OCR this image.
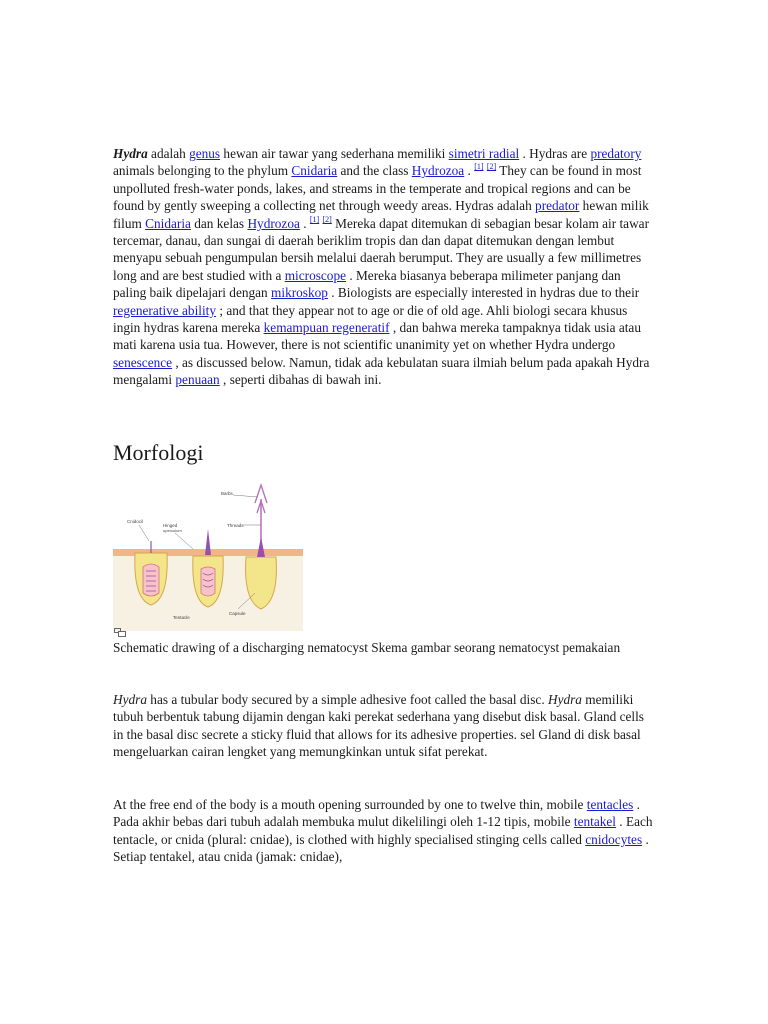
Hydra adalah genus hewan air tawar yang sederhana memiliki simetri radial . Hydras are predatory animals belonging to the phylum Cnidaria and the class Hydrozoa . [1] [2] They can be found in most unpolluted fresh-water ponds, lakes, and streams in the temperate and tropical regions and can be found by gently sweeping a collecting net through weedy areas. Hydras adalah predator hewan milik filum Cnidaria dan kelas Hydrozoa . [1] [2] Mereka dapat ditemukan di sebagian besar kolam air tawar tercemar, danau, dan sungai di daerah beriklim tropis dan dan dapat ditemukan dengan lembut menyapu sebuah pengumpulan bersih melalui daerah berumput. They are usually a few millimetres long and are best studied with a microscope . Mereka biasanya beberapa milimeter panjang dan paling baik dipelajari dengan mikroskop . Biologists are especially interested in hydras due to their regenerative ability ; and that they appear not to age or die of old age. Ahli biologi secara khusus ingin hydras karena mereka kemampuan regeneratif , dan bahwa mereka tampaknya tidak usia atau mati karena usia tua. However, there is not scientific unanimity yet on whether Hydra undergo senescence , as discussed below. Namun, tidak ada kebulatan suara ilmiah belum pada apakah Hydra mengalami penuaan , seperti dibahas di bawah ini.

Morfologi
Barbs
Threads
Cnidocil
Hinged
operculum
Capsule
Tentacle

Schematic drawing of a discharging nematocyst Skema gambar seorang nematocyst pemakaian

Hydra has a tubular body secured by a simple adhesive foot called the basal disc. Hydra memiliki tubuh berbentuk tabung dijamin dengan kaki perekat sederhana yang disebut disk basal. Gland cells in the basal disc secrete a sticky fluid that allows for its adhesive properties. sel Gland di disk basal mengeluarkan cairan lengket yang memungkinkan untuk sifat perekat.

At the free end of the body is a mouth opening surrounded by one to twelve thin, mobile tentacles . Pada akhir bebas dari tubuh adalah membuka mulut dikelilingi oleh 1-12 tipis, mobile tentakel . Each tentacle, or cnida (plural: cnidae), is clothed with highly specialised stinging cells called cnidocytes . Setiap tentakel, atau cnida (jamak: cnidae),
